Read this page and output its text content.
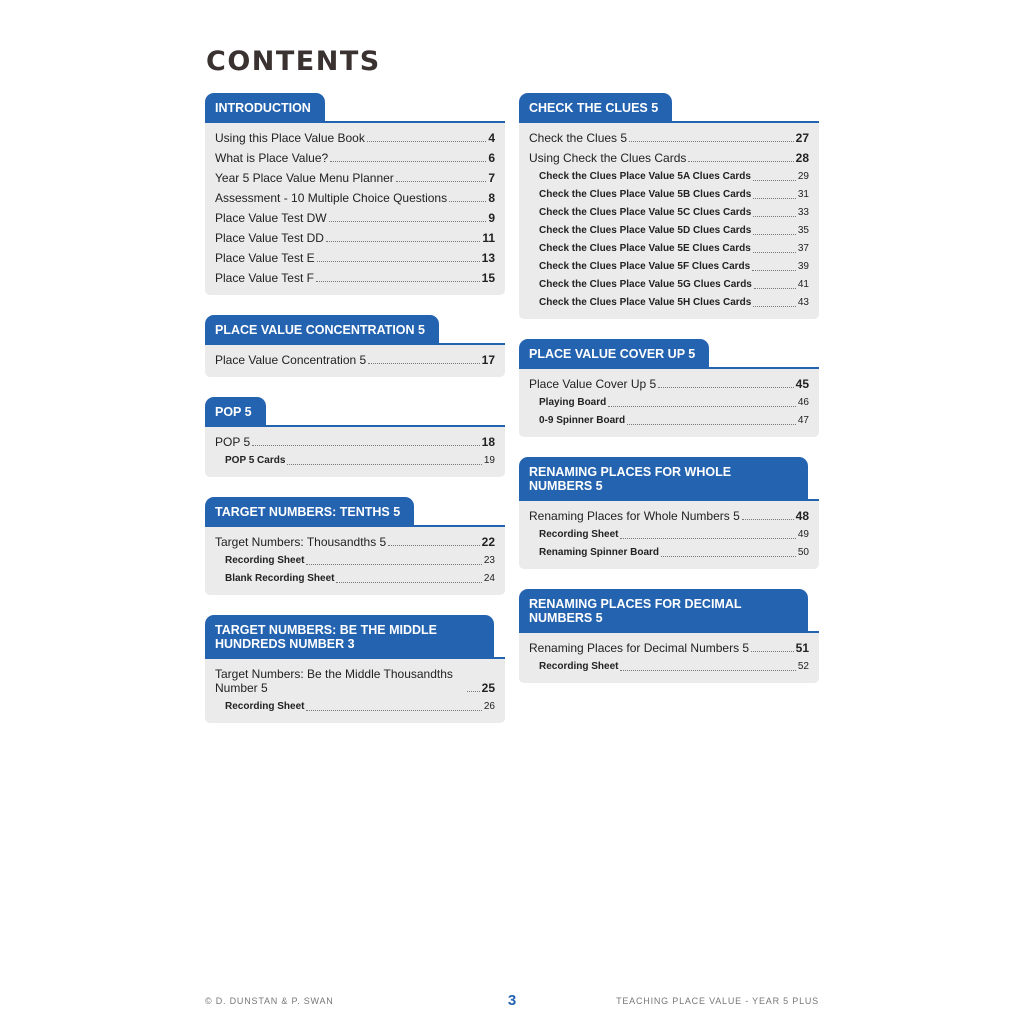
CONTENTS
INTRODUCTION
Using this Place Value Book	4
What is Place Value?	6
Year 5 Place Value Menu Planner	7
Assessment - 10 Multiple Choice Questions	8
Place Value Test DW	9
Place Value Test DD	11
Place Value Test E	13
Place Value Test F	15
PLACE VALUE CONCENTRATION 5
Place Value Concentration 5	17
POP 5
POP 5	18
POP 5 Cards	19
TARGET NUMBERS: TENTHS 5
Target Numbers: Thousandths 5	22
Recording Sheet	23
Blank Recording Sheet	24
TARGET NUMBERS: BE THE MIDDLE HUNDREDS NUMBER 3
Target Numbers: Be the Middle Thousandths Number 5	25
Recording Sheet	26
CHECK THE CLUES 5
Check the Clues 5	27
Using Check the Clues Cards	28
Check the Clues Place Value 5A Clues Cards	29
Check the Clues Place Value 5B Clues Cards	31
Check the Clues Place Value 5C Clues Cards	33
Check the Clues Place Value 5D Clues Cards	35
Check the Clues Place Value 5E Clues Cards	37
Check the Clues Place Value 5F Clues Cards	39
Check the Clues Place Value 5G Clues Cards	41
Check the Clues Place Value 5H Clues Cards	43
PLACE VALUE COVER UP 5
Place Value Cover Up 5	45
Playing Board	46
0-9 Spinner Board	47
RENAMING PLACES FOR WHOLE NUMBERS 5
Renaming Places for Whole Numbers 5	48
Recording Sheet	49
Renaming Spinner Board	50
RENAMING PLACES FOR DECIMAL NUMBERS 5
Renaming Places for Decimal Numbers 5	51
Recording Sheet	52
© D. DUNSTAN & P. SWAN	3	TEACHING PLACE VALUE - YEAR 5 PLUS
